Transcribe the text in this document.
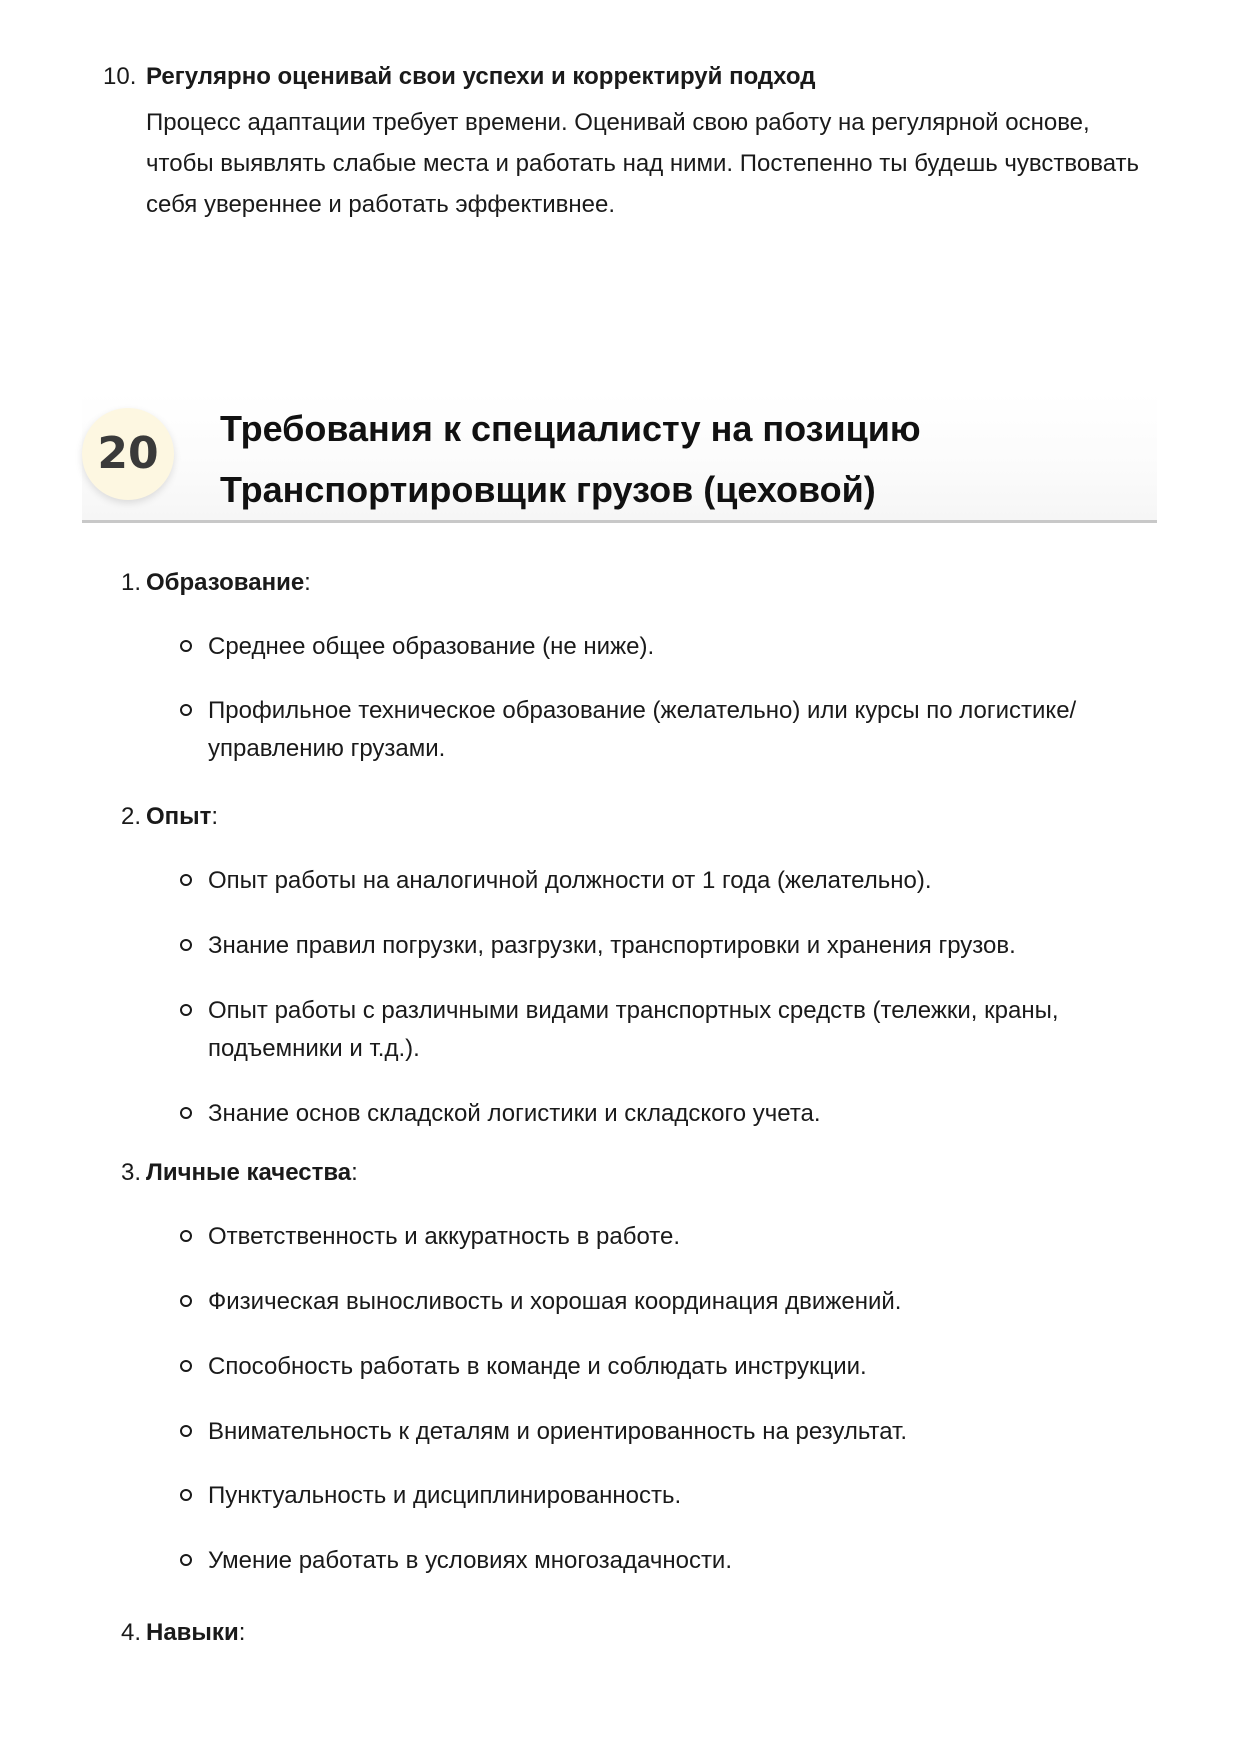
10. Регулярно оценивай свои успехи и корректируй подход
Процесс адаптации требует времени. Оценивай свою работу на регулярной основе, чтобы выявлять слабые места и работать над ними. Постепенно ты будешь чувствовать себя увереннее и работать эффективнее.
20	Требования к специалисту на позицию Транспортировщик грузов (цеховой)
1. Образование:
Среднее общее образование (не ниже).
Профильное техническое образование (желательно) или курсы по логистике/управлению грузами.
2. Опыт:
Опыт работы на аналогичной должности от 1 года (желательно).
Знание правил погрузки, разгрузки, транспортировки и хранения грузов.
Опыт работы с различными видами транспортных средств (тележки, краны, подъемники и т.д.).
Знание основ складской логистики и складского учета.
3. Личные качества:
Ответственность и аккуратность в работе.
Физическая выносливость и хорошая координация движений.
Способность работать в команде и соблюдать инструкции.
Внимательность к деталям и ориентированность на результат.
Пунктуальность и дисциплинированность.
Умение работать в условиях многозадачности.
4. Навыки:
